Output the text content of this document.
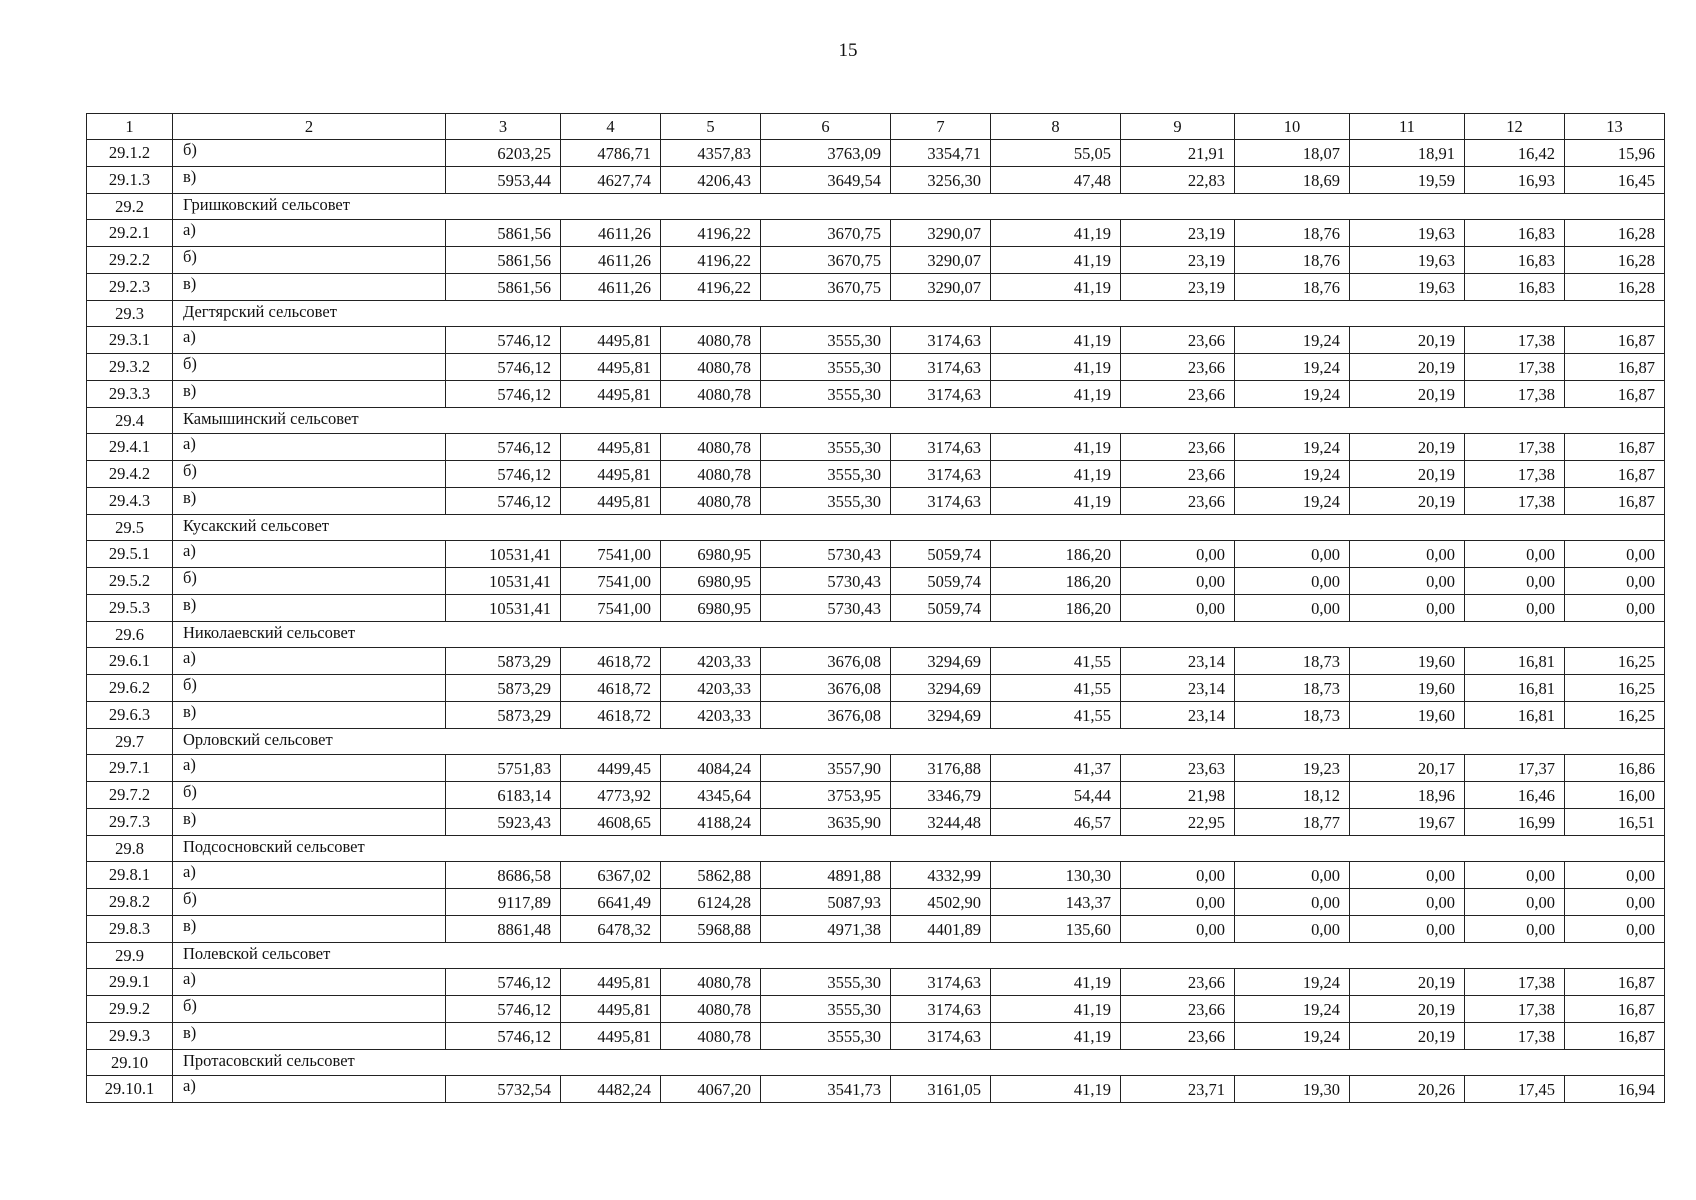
15
1	2	3	4	5	6	7	8	9	10	11	12	13
29.1.2	б)	6203,25	4786,71	4357,83	3763,09	3354,71	55,05	21,91	18,07	18,91	16,42	15,96
29.1.3	в)	5953,44	4627,74	4206,43	3649,54	3256,30	47,48	22,83	18,69	19,59	16,93	16,45
29.2	Гришковский сельсовет											
29.2.1	а)	5861,56	4611,26	4196,22	3670,75	3290,07	41,19	23,19	18,76	19,63	16,83	16,28
29.2.2	б)	5861,56	4611,26	4196,22	3670,75	3290,07	41,19	23,19	18,76	19,63	16,83	16,28
29.2.3	в)	5861,56	4611,26	4196,22	3670,75	3290,07	41,19	23,19	18,76	19,63	16,83	16,28
29.3	Дегтярский сельсовет											
29.3.1	а)	5746,12	4495,81	4080,78	3555,30	3174,63	41,19	23,66	19,24	20,19	17,38	16,87
29.3.2	б)	5746,12	4495,81	4080,78	3555,30	3174,63	41,19	23,66	19,24	20,19	17,38	16,87
29.3.3	в)	5746,12	4495,81	4080,78	3555,30	3174,63	41,19	23,66	19,24	20,19	17,38	16,87
29.4	Камышинский сельсовет											
29.4.1	а)	5746,12	4495,81	4080,78	3555,30	3174,63	41,19	23,66	19,24	20,19	17,38	16,87
29.4.2	б)	5746,12	4495,81	4080,78	3555,30	3174,63	41,19	23,66	19,24	20,19	17,38	16,87
29.4.3	в)	5746,12	4495,81	4080,78	3555,30	3174,63	41,19	23,66	19,24	20,19	17,38	16,87
29.5	Кусакский сельсовет											
29.5.1	а)	10531,41	7541,00	6980,95	5730,43	5059,74	186,20	0,00	0,00	0,00	0,00	0,00
29.5.2	б)	10531,41	7541,00	6980,95	5730,43	5059,74	186,20	0,00	0,00	0,00	0,00	0,00
29.5.3	в)	10531,41	7541,00	6980,95	5730,43	5059,74	186,20	0,00	0,00	0,00	0,00	0,00
29.6	Николаевский сельсовет											
29.6.1	а)	5873,29	4618,72	4203,33	3676,08	3294,69	41,55	23,14	18,73	19,60	16,81	16,25
29.6.2	б)	5873,29	4618,72	4203,33	3676,08	3294,69	41,55	23,14	18,73	19,60	16,81	16,25
29.6.3	в)	5873,29	4618,72	4203,33	3676,08	3294,69	41,55	23,14	18,73	19,60	16,81	16,25
29.7	Орловский сельсовет											
29.7.1	а)	5751,83	4499,45	4084,24	3557,90	3176,88	41,37	23,63	19,23	20,17	17,37	16,86
29.7.2	б)	6183,14	4773,92	4345,64	3753,95	3346,79	54,44	21,98	18,12	18,96	16,46	16,00
29.7.3	в)	5923,43	4608,65	4188,24	3635,90	3244,48	46,57	22,95	18,77	19,67	16,99	16,51
29.8	Подсосновский сельсовет											
29.8.1	а)	8686,58	6367,02	5862,88	4891,88	4332,99	130,30	0,00	0,00	0,00	0,00	0,00
29.8.2	б)	9117,89	6641,49	6124,28	5087,93	4502,90	143,37	0,00	0,00	0,00	0,00	0,00
29.8.3	в)	8861,48	6478,32	5968,88	4971,38	4401,89	135,60	0,00	0,00	0,00	0,00	0,00
29.9	Полевской сельсовет											
29.9.1	а)	5746,12	4495,81	4080,78	3555,30	3174,63	41,19	23,66	19,24	20,19	17,38	16,87
29.9.2	б)	5746,12	4495,81	4080,78	3555,30	3174,63	41,19	23,66	19,24	20,19	17,38	16,87
29.9.3	в)	5746,12	4495,81	4080,78	3555,30	3174,63	41,19	23,66	19,24	20,19	17,38	16,87
29.10	Протасовский сельсовет											
29.10.1	а)	5732,54	4482,24	4067,20	3541,73	3161,05	41,19	23,71	19,30	20,26	17,45	16,94
